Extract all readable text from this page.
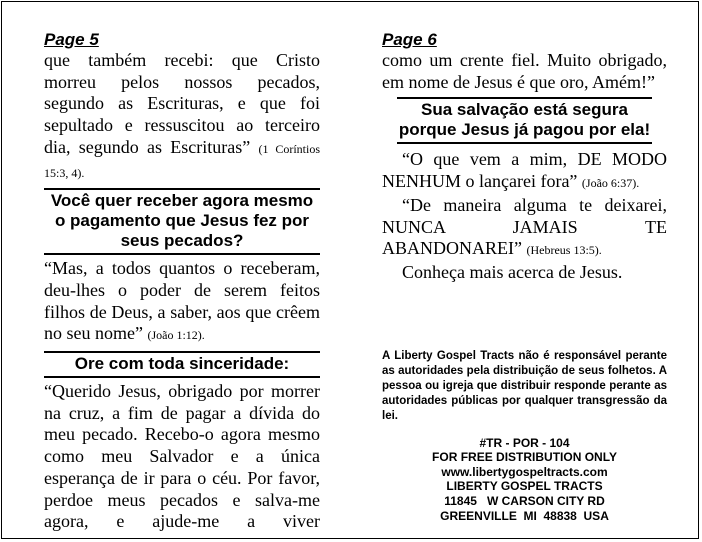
Page 5

que também recebi: que Cristo morreu pelos nossos pecados, segundo as Escrituras, e que foi sepultado e ressuscitou ao terceiro dia, segundo as Escrituras” (1 Coríntios 15:3, 4).

Você quer receber agora mesmo o pagamento que Jesus fez por seus pecados?

“Mas, a todos quantos o receberam, deu-lhes o poder de serem feitos filhos de Deus, a saber, aos que crêem no seu nome” (João 1:12).

Ore com toda sinceridade:

“Querido Jesus, obrigado por morrer na cruz, a fim de pagar a dívida do meu pecado. Recebo-o agora mesmo como meu Salvador e a única esperança de ir para o céu. Por favor, perdoe meus pecados e salva-me agora, e ajude-me a viver

Page 6

como um crente fiel. Muito obrigado, em nome de Jesus é que oro, Amém!”

Sua salvação está segura porque Jesus já pagou por ela!

“O que vem a mim, DE MODO NENHUM o lançarei fora” (João 6:37).

“De maneira alguma te deixarei, NUNCA JAMAIS TE ABANDONAREI” (Hebreus 13:5).

Conheça mais acerca de Jesus.

A Liberty Gospel Tracts não é responsável perante as autoridades pela distribuição de seus folhetos. A pessoa ou igreja que distribuir responde perante as autoridades públicas por qualquer transgressão da lei.

#TR - POR - 104
FOR FREE DISTRIBUTION ONLY
www.libertygospeltracts.com
LIBERTY GOSPEL TRACTS
11845   W CARSON CITY RD
GREENVILLE  MI  48838  USA
